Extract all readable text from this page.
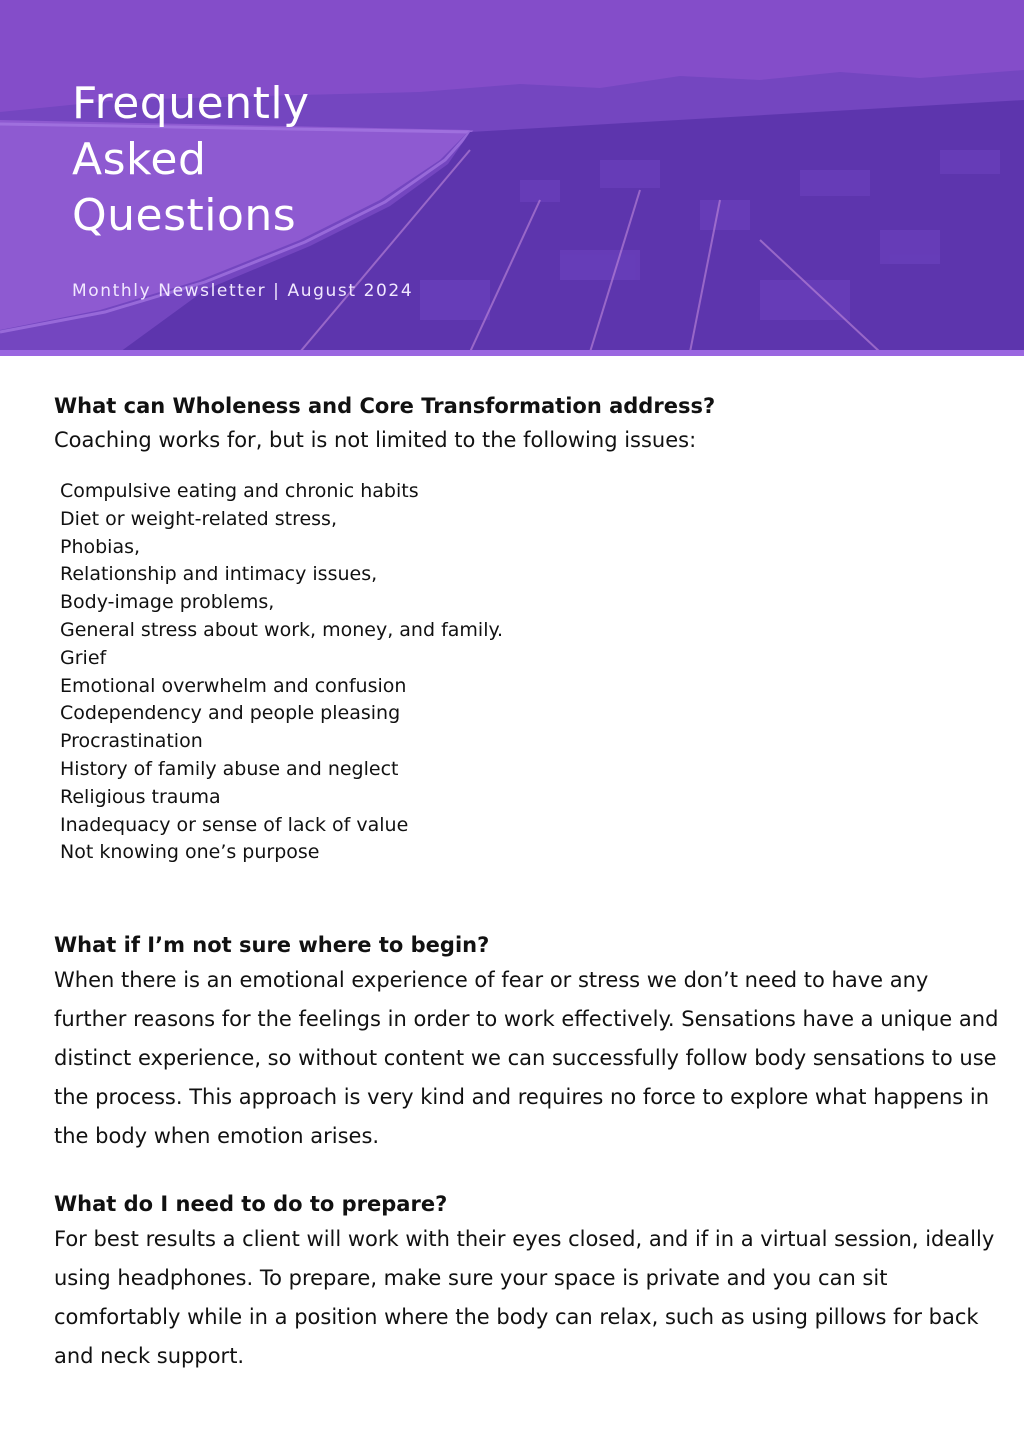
Frequently
Asked
Questions

Monthly Newsletter | August 2024

What can Wholeness and Core Transformation address?

Coaching works for, but is not limited to the following issues:

Compulsive eating and chronic habits
Diet or weight-related stress,
Phobias,
Relationship and intimacy issues,
Body-image problems,
General stress about work, money, and family.
Grief
Emotional overwhelm and confusion
Codependency and people pleasing
Procrastination
History of family abuse and neglect
Religious trauma
Inadequacy or sense of lack of value
Not knowing one’s purpose
What if I’m not sure where to begin?

When there is an emotional experience of fear or stress we don’t need to have any further reasons for the feelings in order to work effectively. Sensations have a unique and distinct experience, so without content we can successfully follow body sensations to use the process. This approach is very kind and requires no force to explore what happens in the body when emotion arises.

What do I need to do to prepare?

For best results a client will work with their eyes closed, and if in a virtual session, ideally using headphones. To prepare, make sure your space is private and you can sit comfortably while in a position where the body can relax, such as using pillows for back and neck support.
